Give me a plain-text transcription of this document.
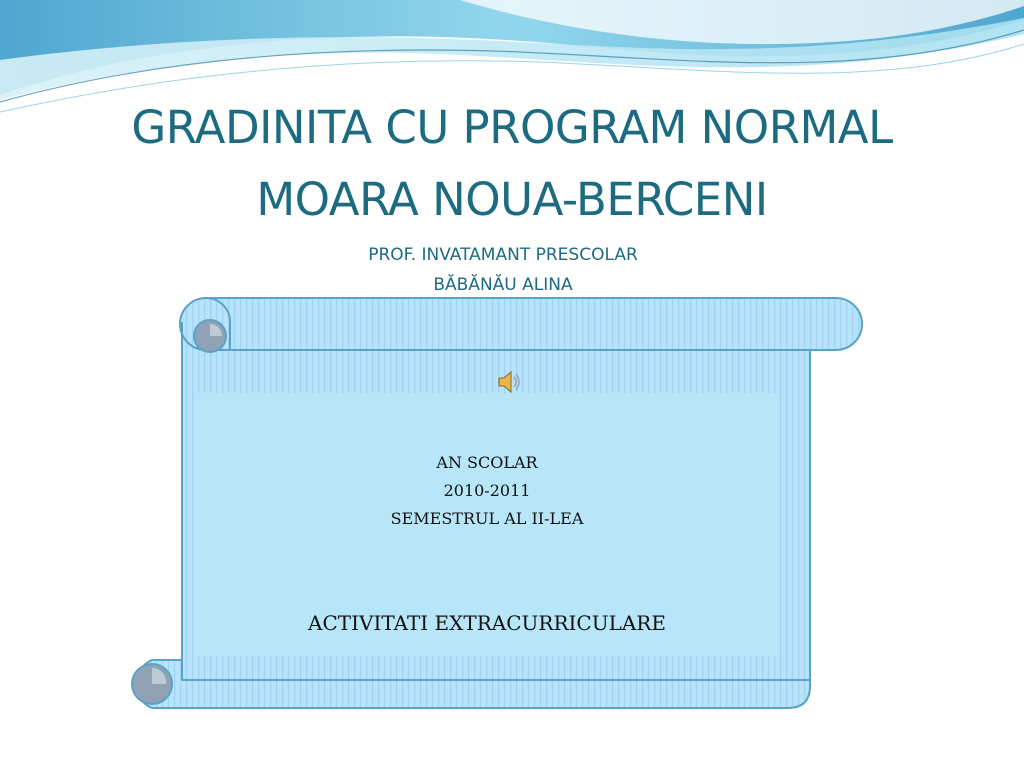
GRADINITA CU PROGRAM NORMAL
MOARA NOUA-BERCENI
PROF. INVATAMANT PRESCOLAR
BĂBĂNĂU ALINA
AN SCOLAR
2010-2011
SEMESTRUL AL II-LEA
ACTIVITATI EXTRACURRICULARE
